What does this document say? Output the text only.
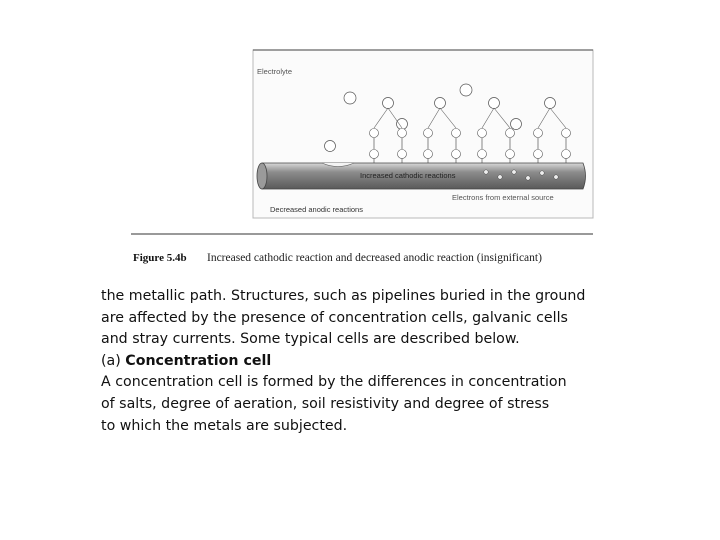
Electrolyte
Increased cathodic reactions
Electrons from external source
Decreased anodic reactions
Figure 5.4b Increased cathodic reaction and decreased anodic reaction (insignificant)

the metallic path. Structures, such as pipelines buried in the ground

are affected by the presence of concentration cells, galvanic cells

and stray currents. Some typical cells are described below.

(a) Concentration cell

A concentration cell is formed by the differences in concentration

of salts, degree of aeration, soil resistivity and degree of stress

to which the metals are subjected.
